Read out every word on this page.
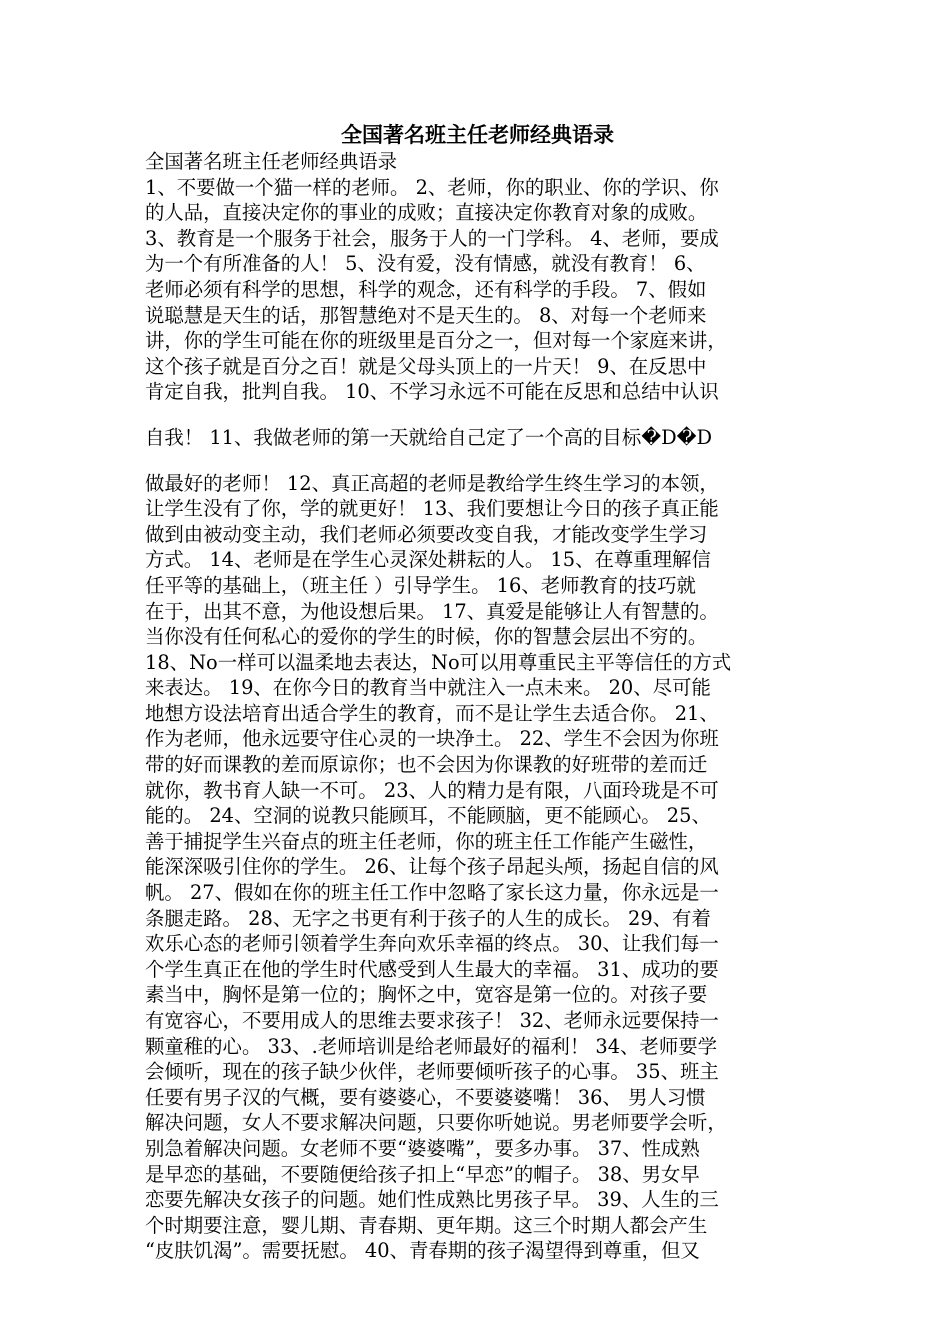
全国著名班主任老师经典语录
全国著名班主任老师经典语录
1、不要做一个猫一样的老师。 2、老师，你的职业、你的学识、你
的人品，直接决定你的事业的成败；直接决定你教育对象的成败。
3、教育是一个服务于社会，服务于人的一门学科。 4、老师，要成
为一个有所准备的人！ 5、没有爱，没有情感，就没有教育！ 6、
老师必须有科学的思想，科学的观念，还有科学的手段。 7、假如
说聪慧是天生的话，那智慧绝对不是天生的。 8、对每一个老师来
讲，你的学生可能在你的班级里是百分之一，但对每一个家庭来讲，
这个孩子就是百分之百！就是父母头顶上的一片天！ 9、在反思中
肯定自我，批判自我。 10、不学习永远不可能在反思和总结中认识
自我！ 11、我做老师的第一天就给自己定了一个高的目标�D�D
做最好的老师！ 12、真正高超的老师是教给学生终生学习的本领，
让学生没有了你，学的就更好！ 13、我们要想让今日的孩子真正能
做到由被动变主动，我们老师必须要改变自我，才能改变学生学习
方式。 14、老师是在学生心灵深处耕耘的人。 15、在尊重理解信
任平等的基础上，（班主任 ）引导学生。 16、老师教育的技巧就
在于，出其不意，为他设想后果。 17、真爱是能够让人有智慧的。
当你没有任何私心的爱你的学生的时候，你的智慧会层出不穷的。
18、No一样可以温柔地去表达，No可以用尊重民主平等信任的方式
来表达。 19、在你今日的教育当中就注入一点未来。 20、尽可能
地想方设法培育出适合学生的教育，而不是让学生去适合你。 21、
作为老师，他永远要守住心灵的一块净土。 22、学生不会因为你班
带的好而课教的差而原谅你；也不会因为你课教的好班带的差而迁
就你，教书育人缺一不可。 23、人的精力是有限，八面玲珑是不可
能的。 24、空洞的说教只能顾耳，不能顾脑，更不能顾心。 25、
善于捕捉学生兴奋点的班主任老师，你的班主任工作能产生磁性，
能深深吸引住你的学生。 26、让每个孩子昂起头颅，扬起自信的风
帆。 27、假如在你的班主任工作中忽略了家长这力量，你永远是一
条腿走路。 28、无字之书更有利于孩子的人生的成长。 29、有着
欢乐心态的老师引领着学生奔向欢乐幸福的终点。 30、让我们每一
个学生真正在他的学生时代感受到人生最大的幸福。 31、成功的要
素当中，胸怀是第一位的；胸怀之中，宽容是第一位的。对孩子要
有宽容心，不要用成人的思维去要求孩子！ 32、老师永远要保持一
颗童稚的心。 33、.老师培训是给老师最好的福利！ 34、老师要学
会倾听，现在的孩子缺少伙伴，老师要倾听孩子的心事。 35、班主
任要有男子汉的气概，要有婆婆心，不要婆婆嘴！ 36、 男人习惯
解决问题，女人不要求解决问题，只要你听她说。男老师要学会听，
别急着解决问题。女老师不要“婆婆嘴”，要多办事。 37、性成熟
是早恋的基础，不要随便给孩子扣上“早恋”的帽子。 38、男女早
恋要先解决女孩子的问题。她们性成熟比男孩子早。 39、人生的三
个时期要注意，婴儿期、青春期、更年期。这三个时期人都会产生
“皮肤饥渴”。需要抚慰。 40、青春期的孩子渴望得到尊重，但又
